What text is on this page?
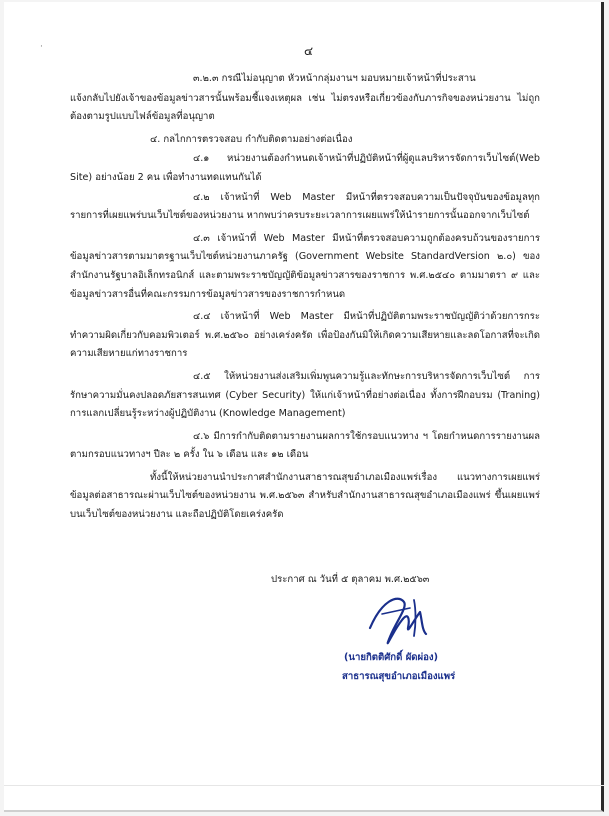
·	๔

๓.๒.๓ กรณีไม่อนุญาต หัวหน้ากลุ่มงานฯ มอบหมายเจ้าหน้าที่ประสาน

แจ้งกลับไปยังเจ้าของข้อมูลข่าวสารนั้นพร้อมชี้แจงเหตุผล เช่น ไม่ตรงหรือเกี่ยวข้องกับภารกิจของหน่วยงาน ไม่ถูกต้องตามรูปแบบไฟล์ข้อมูลที่อนุญาต

๔. กลไกการตรวจสอบ กำกับติดตามอย่างต่อเนื่อง

๔.๑ หน่วยงานต้องกำหนดเจ้าหน้าที่ปฏิบัติหน้าที่ผู้ดูแลบริหารจัดการเว็บไซต์(Web Site) อย่างน้อย 2 คน เพื่อทำงานทดแทนกันได้

๔.๒ เจ้าหน้าที่ Web Master มีหน้าที่ตรวจสอบความเป็นปัจจุบันของข้อมูลทุกรายการที่เผยแพร่บนเว็บไซต์ของหน่วยงาน หากพบว่าครบระยะเวลาการเผยแพร่ให้นำรายการนั้นออกจากเว็บไซต์

๔.๓ เจ้าหน้าที่ Web Master มีหน้าที่ตรวจสอบความถูกต้องครบถ้วนของรายการข้อมูลข่าวสารตามมาตรฐานเว็บไซต์หน่วยงานภาครัฐ (Government Website StandardVersion ๒.๐) ของสำนักงานรัฐบาลอิเล็กทรอนิกส์ และตามพระราชบัญญัติข้อมูลข่าวสารของราชการ พ.ศ.๒๕๔๐ ตามมาตรา ๙ และข้อมูลข่าวสารอื่นที่คณะกรรมการข้อมูลข่าวสารของราชการกำหนด

๔.๔ เจ้าหน้าที่ Web Master มีหน้าที่ปฏิบัติตามพระราชบัญญัติว่าด้วยการกระทำความผิดเกี่ยวกับคอมพิวเตอร์ พ.ศ.๒๕๖๐ อย่างเคร่งครัด เพื่อป้องกันมิให้เกิดความเสียหายและลดโอกาสที่จะเกิดความเสียหายแก่ทางราชการ

๔.๕ ให้หน่วยงานส่งเสริมเพิ่มพูนความรู้และทักษะการบริหารจัดการเว็บไซต์ การรักษาความมั่นคงปลอดภัยสารสนเทศ (Cyber Security) ให้แก่เจ้าหน้าที่อย่างต่อเนื่อง ทั้งการฝึกอบรม (Traning) การแลกเปลี่ยนรู้ระหว่างผู้ปฏิบัติงาน (Knowledge Management)

๔.๖ มีการกำกับติดตามรายงานผลการใช้กรอบแนวทาง ฯ โดยกำหนดการรายงานผลตามกรอบแนวทางฯ ปีละ ๒ ครั้ง ใน ๖ เดือน และ ๑๒ เดือน

ทั้งนี้ให้หน่วยงานนำประกาศสำนักงานสาธารณสุขอำเภอเมืองแพร่เรื่อง แนวทางการเผยแพร่ข้อมูลต่อสาธารณะผ่านเว็บไซต์ของหน่วยงาน พ.ศ.๒๕๖๓ สำหรับสำนักงานสาธารณสุขอำเภอเมืองแพร่ ขึ้นเผยแพร่บนเว็บไซต์ของหน่วยงาน และถือปฏิบัติโดยเคร่งครัด

ประกาศ ณ วันที่ ๕ ตุลาคม พ.ศ.๒๕๖๓
(นายกิตติศักดิ์ ผัดผ่อง)
สาธารณสุขอำเภอเมืองแพร่
